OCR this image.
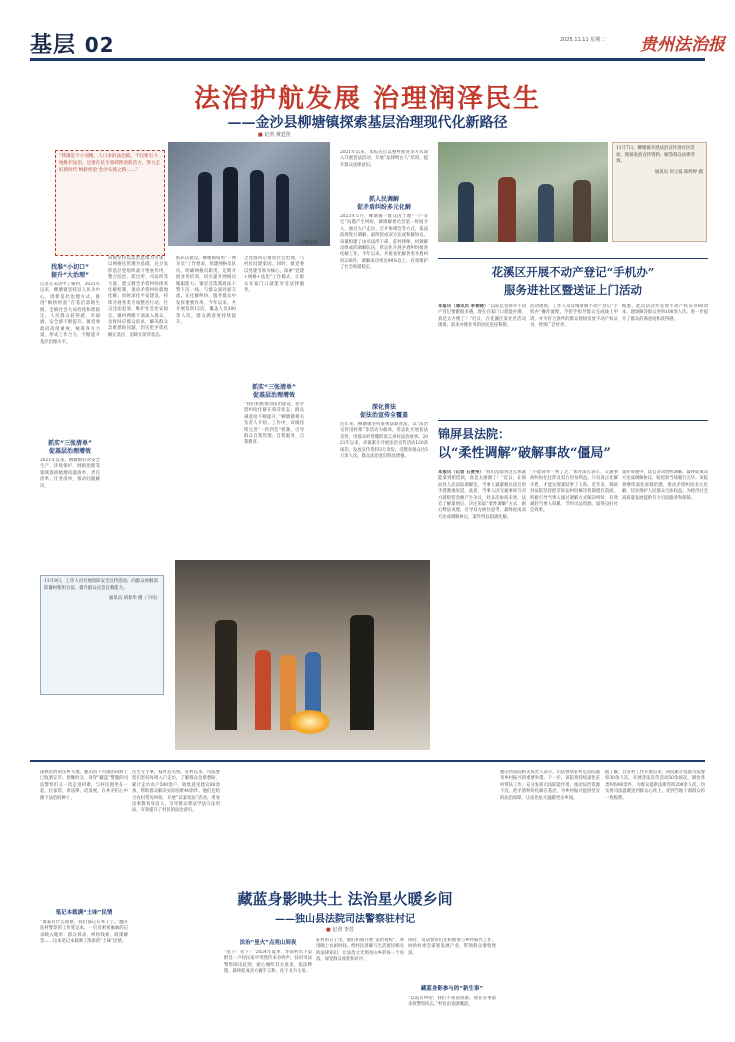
基层 02	2025.11.11 星期二 贵州法治报
法治护航发展 治理润泽民生
——金沙县柳塘镇探索基层治理现代化新路径
■ 记者 黄廷佳
“我镇是个小而精、人口多的法治镇，不仅要有力地维护法治，还要在民生领域释放新活力，努力走好新时代‘枫桥经验’金沙实践之路……”
民警巡逻。
找准“小切口”
提升“大治理”
记者在采访中了解到，2021年以来，柳塘镇坚持以人民为中心，创新基层治理方式，推进“枫桥经验”在基层落地生根，全镇社会大局持续和谐稳定，人民群众获得感、幸福感、安全感不断提升。镇党委政府高度重视，统筹各方力量，形成工作合力，不断提升基层治理水平。
抓实“三张清单”
促基层治理增效
2021年以来，柳塘镇针对安全生产、环境保护、网格治理等领域逐项梳理问题清单、责任清单、任务清单，推动问题解决。
该镇坚持以法治思维为引领，以网格化管理为基础，充分发挥基层党组织战斗堡垒作用，整合综治、派出所、司法所等力量，建立健全矛盾纠纷排查化解机制，推动矛盾纠纷就地化解。同时深化平安建设，持续开展各类专项整治行动，打击违法犯罪，维护社会治安稳定。镇村两级干部深入群众，及时回应群众诉求，解决群众急难愁盼问题，切实把矛盾化解在基层、消除在萌芽状态。
抓队伍建设。柳塘镇按照“一网多员”工作要求，组建网格员队伍，明确网格员职责，定期开展业务培训，切实提升网格员履职能力。镇里还选派政法干警下沉一线，与群众面对面交流，在化解纠纷、服务群众中发挥重要作用。今年以来，共开展培训12次，覆盖人员300余人次，群众满意度持续提升。
之党群同心推进社会治理，与村民同建家园。同时，镇党委以党建引领为核心，探索“党建+网格+法治”工作模式，让群众在家门口就能享受法律服务。
抓实“三张清单”
促基层治理增效
“我们积极推动法治建设，把矛盾纠纷化解在萌芽状态，群众满意度不断提升。”柳塘镇相关负责人介绍。工作中，该镇持续完善“一约四会”机制，引导群众自我管理、自我服务、自我教育。
2021年以来，本报先后以整村推进等方式深入开展普法活动，开展“法律明白人”培训，提升群众法律意识。
抓人民调解
促矛盾纠纷多元化解
2023年5月，柳塘镇一群众因土地“一户多宅”问题产生纠纷，镇调解委员会第一时间介入，通过入户走访、召开协调会等方式，依法依规进行调解，最终促成双方达成和解协议。该镇组建了由司法所干部、驻村律师、村调解员组成的调解队伍，常态化开展矛盾纠纷排查化解工作。今年以来，共排查化解各类矛盾纠纷236件，调解成功率达98%以上，有效维护了社会和谐稳定。
深化普法
促法治宣传全覆盖
近年来，柳塘镇坚持谁执法谁普法，以“法治宣传进村寨”等活动为载体，常态化开展普法宣传，用群众听得懂的语言讲好法治故事。2021年以来，该镇累计开展法治宣传活动120余场次，发放宣传资料3万余份，受教育群众达5万余人次，群众法治意识明显增强。
11月7日，柳塘镇开展法治宣传进社区活动，现场发放宣传资料，解答群众法律咨询。
通讯员 何立波 陈婷婷 摄
花溪区开展不动产登记“手机办”
服务进社区暨送证上门活动
本报讯（通讯员 李春晓）“以前总觉得办不动产登记要跑很多趟，现在在家门口就能办理，真是太方便了！”近日，在花溪区某社区活动现场，前来办理业务的居民连连称赞。
活动现场，工作人员详细讲解不动产登记“手机办”操作流程，手把手指导群众完成线上申请，并为符合条件的群众现场发放不动产权证书，得到广泛好评。
据悉，此次活动共发放不动产权证书60余本，现场解答群众咨询100余人次，进一步提升了群众的满意度和获得感。
锦屏县法院：
以“柔性调解”破解事故“僵局”
本报讯（记者 石贵州）“我们没想到这么快就能拿到赔偿款，真是太感谢了！”近日，在锦屏县人民法院调解室，当事人紧紧握住法官的手感激地说道。此前，当事人因交通事故与对方就赔偿金额产生争议，经多次协商未果。法官了解案情后，决定采取“柔性调解”方式，耐心释法说理，引导双方换位思考，最终促成双方达成调解协议，案件得以圆满化解。
“不能简单一判了之，”承办法官表示，交通事故纠纷往往涉及双方切身利益，只有真正化解矛盾，才能实现案结事了人和。近年来，锦屏县法院坚持把非诉讼纠纷解决机制挺在前面，积极引导当事人通过调解方式解决纠纷，有效减轻当事人诉累，节约司法资源，取得良好社会效果。
案件审理中，法官多次组织调解，最终促成双方达成调解协议，赔偿款当场履行完毕。该院将继续深化诉源治理，推动矛盾纠纷多元化解，切实维护人民群众合法权益，为经济社会高质量发展提供有力司法服务和保障。
11月9日，工作人员开展消防安全宣传活动，向群众讲解消防器材使用方法，提升群众应急自救能力。
通讯员 胡春华 摄（下同）
深秋的黔南苗乡大地，独山县下司镇的田野上已收割完毕。傍晚时分，身穿“藏蓝”警服的司法警察们又一次走进村寨，与村民围坐在一起，拉家常、讲法律、话发展，在乡亲们心中播下法治的种子。
笔记本载满“土味”民情
“谁家有什么困难，我们都记在本子上。”翻开驻村警察的工作笔记本，一页页密密麻麻的记录映入眼帘：群众诉求、纠纷线索、政策解答……这本笔记本载满了浓浓的“土味”民情。
民生无小事，枝叶总关情。驻村以来，司法警察们坚持每周入户走访，了解群众急难愁盼，累计走访农户500余户，收集意见建议80余条，帮助群众解决实际困难40余件。他们还结合农村常见纠纷，开展“以案说法”活动，用身边事教育身边人，引导群众尊法学法守法用法，有效提升了村民的法治意识。
藏蓝身影映共土 法治星火暖乡间
——独山县法院司法警察驻村记
■ 记者 李芳
法治“星火”点亮山间夜
“笔下！笔下！”2024年夏季，华南村水干渠附近一户村民家中突然传来争吵声。驻村司法警察闻讯赶到，耐心倾听双方诉求，依法释理，最终促成双方握手言和，化干戈为玉帛。
驻村的日子里，他们积极开展“法治夜校”，利用晚上农闲时间，给村民讲解与生活密切相关的法律知识，让法治之光照亮山乡的每一个角落，深受群众欢迎和好评。
同时，司法警察们还积极参与乡村振兴工作，协助村委会谋划发展产业，带领群众增收致富。
藏蓝身影参与的“新生事”
“以前有纠纷，我们不知道找谁，现在有事都来找警察同志。”村民由衷感慨道。
独山县法院相关负责人表示，司法警察驻村是法院服务乡村振兴的重要举措。下一步，该院将持续深化驻村帮扶工作，充分发挥司法职能作用，推动法治资源下沉，把矛盾纠纷化解在基层，为乡村振兴提供坚实的法治保障，让法治星火温暖更多乡间。
据了解，自驻村工作开展以来，该院累计选派司法警察30余人次，开展普法宣传活动50余场次，调处各类纠纷60余件，为群众提供法律咨询200余人次，切实将司法温暖送到群众心坎上，受到当地干部群众的一致称赞。
